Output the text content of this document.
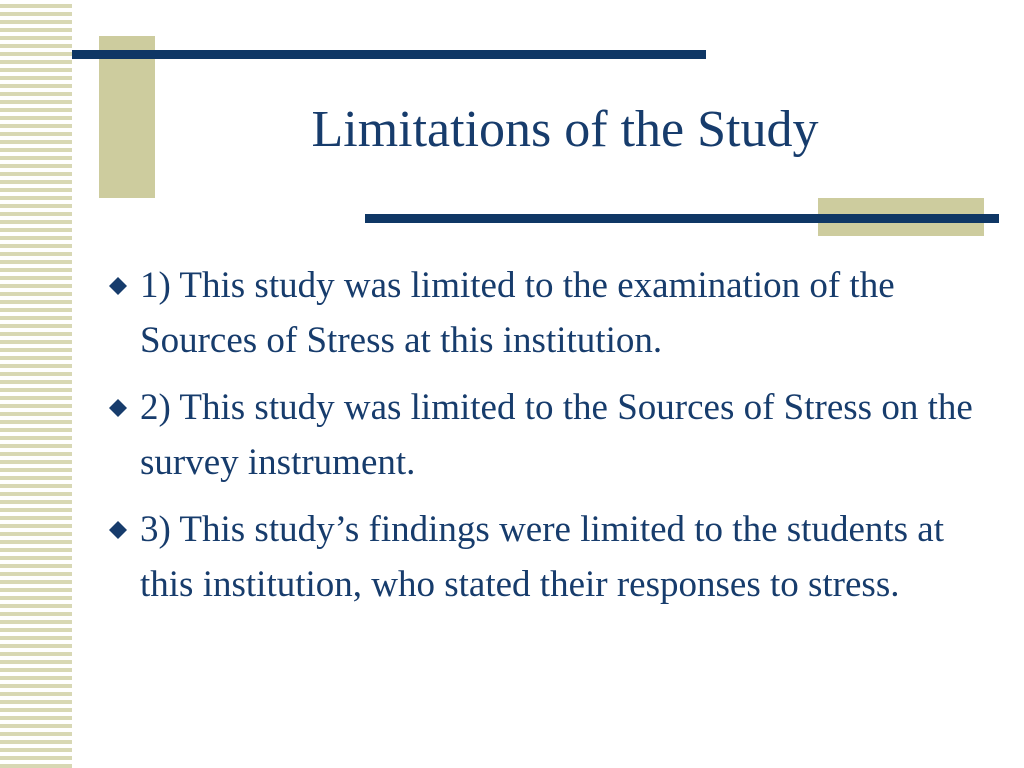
Limitations of the Study
1) This study was limited to the examination of the Sources of Stress at this institution.
2) This study was limited to the Sources of Stress on the survey instrument.
3) This study’s findings were limited to the students at this institution, who stated their responses to stress.
